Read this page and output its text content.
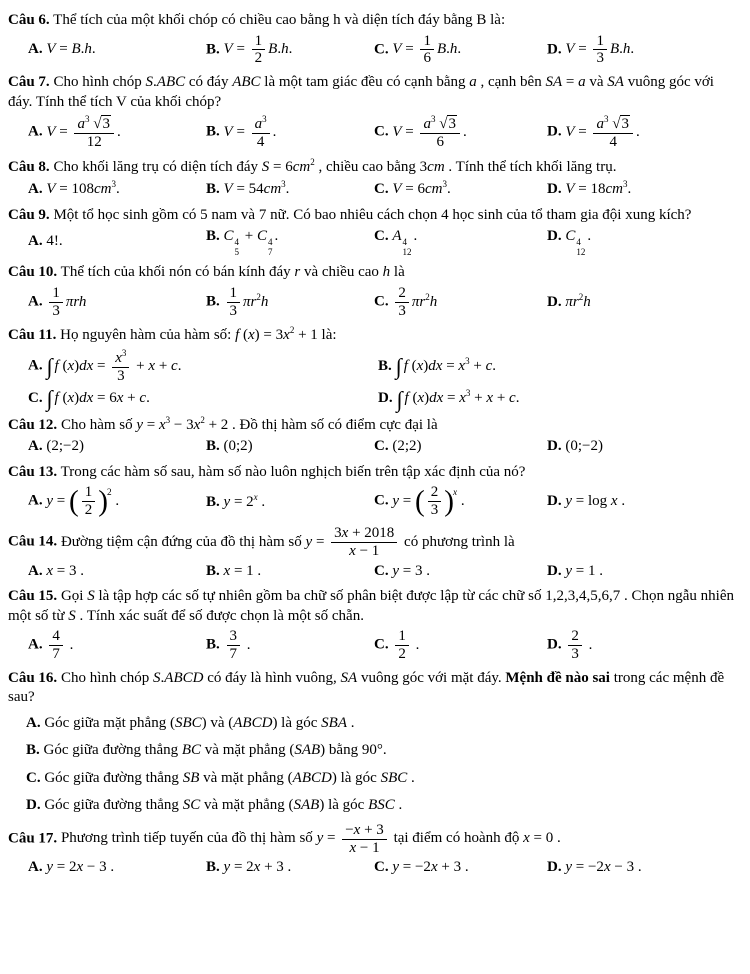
Câu 6. Thể tích của một khối chóp có chiều cao bằng h và diện tích đáy bằng B là:

A. V = B.h.	B. $V = \frac{1}{2} B.h$.	C. $V = \frac{1}{6} B.h$.	D. $V = \frac{1}{3} B.h$.

Câu 7. Cho hình chóp S.ABC có đáy ABC là một tam giác đều có cạnh bằng a , cạnh bên SA = a và SA vuông góc với đáy. Tính thể tích V của khối chóp?

A. $V = \frac{a^3 √3}{12}$ .	B. $V = \frac{a^3}{4}$ .	C. $V = \frac{a^3 √3}{6}$ .	D. $V = \frac{a^3 √3}{4}$ .

Câu 8. Cho khối lăng trụ có diện tích đáy $S = 6cm^2$ , chiều cao bằng 3cm . Tính thể tích khối lăng trụ.

A. $V = 108cm^3$.	B. $V = 54cm^3$.	C. $V = 6cm^3$.	D. $V = 18cm^3$.

Câu 9. Một tổ học sinh gồm có 5 nam và 7 nữ. Có bao nhiêu cách chọn 4 học sinh của tổ tham gia đội xung kích?

A. 4!.	B. C 4
5
+ C 4
7
.	C. A 4
12
.	D. C 4
12
.

Câu 10. Thể tích của khối nón có bán kính đáy r và chiều cao h là

A. $\frac{1}{3}$ πrh	B. $\frac{1}{3} \pi r^2h$	C. $\frac{2}{3} \pi r^2h$	D. $\pi r^2h$

Câu 11. Họ nguyên hàm của hàm số: f $(x) = 3x^2 + 1$ là:

A. ∫ f $(x)dx = \frac{x^3}{3} + x + c$.	B. ∫ f $(x)dx = x^3 + c$.
C. ∫ f (x)dx = 6x + c.	D. ∫ f $(x)dx = x^3 + x + c$.

Câu 12. Cho hàm số $y = x^3 - 3x^2 + 2$ . Đồ thị hàm số có điểm cực đại là

A. (2;−2)	B. (0;2)	C. (2;2)	D. (0;−2)

Câu 13. Trong các hàm số sau, hàm số nào luôn nghịch biến trên tập xác định của nó?

A. y = ( $\frac{1}{2} )^2$ .	B. $y = 2^x$ .	C. y = ( $\frac{2}{3} )^x$ .	D. y = log x .

Câu 14. Đường tiệm cận đứng của đồ thị hàm số $y = \frac{3x + 2018}{x - 1}$ có phương trình là

A. x = 3 .	B. x = 1 .	C. y = 3 .	D. y = 1 .

Câu 15. Gọi S là tập hợp các số tự nhiên gồm ba chữ số phân biệt được lập từ các chữ số 1,2,3,4,5,6,7 . Chọn ngẫu nhiên một số từ S . Tính xác suất để số được chọn là một số chẵn.

A. $\frac{4}{7}$ .	B. $\frac{3}{7}$ .	C. $\frac{1}{2}$ .	D. $\frac{2}{3}$ .

Câu 16. Cho hình chóp S.ABCD có đáy là hình vuông, SA vuông góc với mặt đáy. Mệnh đề nào sai trong các mệnh đề sau?

A. Góc giữa mặt phẳng (SBC) và (ABCD) là góc SBA .
B. Góc giữa đường thẳng BC và mặt phẳng (SAB) bằng 90°.
C. Góc giữa đường thẳng SB và mặt phẳng (ABCD) là góc SBC .
D. Góc giữa đường thẳng SC và mặt phẳng (SAB) là góc BSC .

Câu 17. Phương trình tiếp tuyến của đồ thị hàm số $y = \frac{-x + 3}{x - 1}$ tại điểm có hoành độ x = 0 .

A. y = 2x − 3 .	B. y = 2x + 3 .	C. y = −2x + 3 .	D. y = −2x − 3 .
